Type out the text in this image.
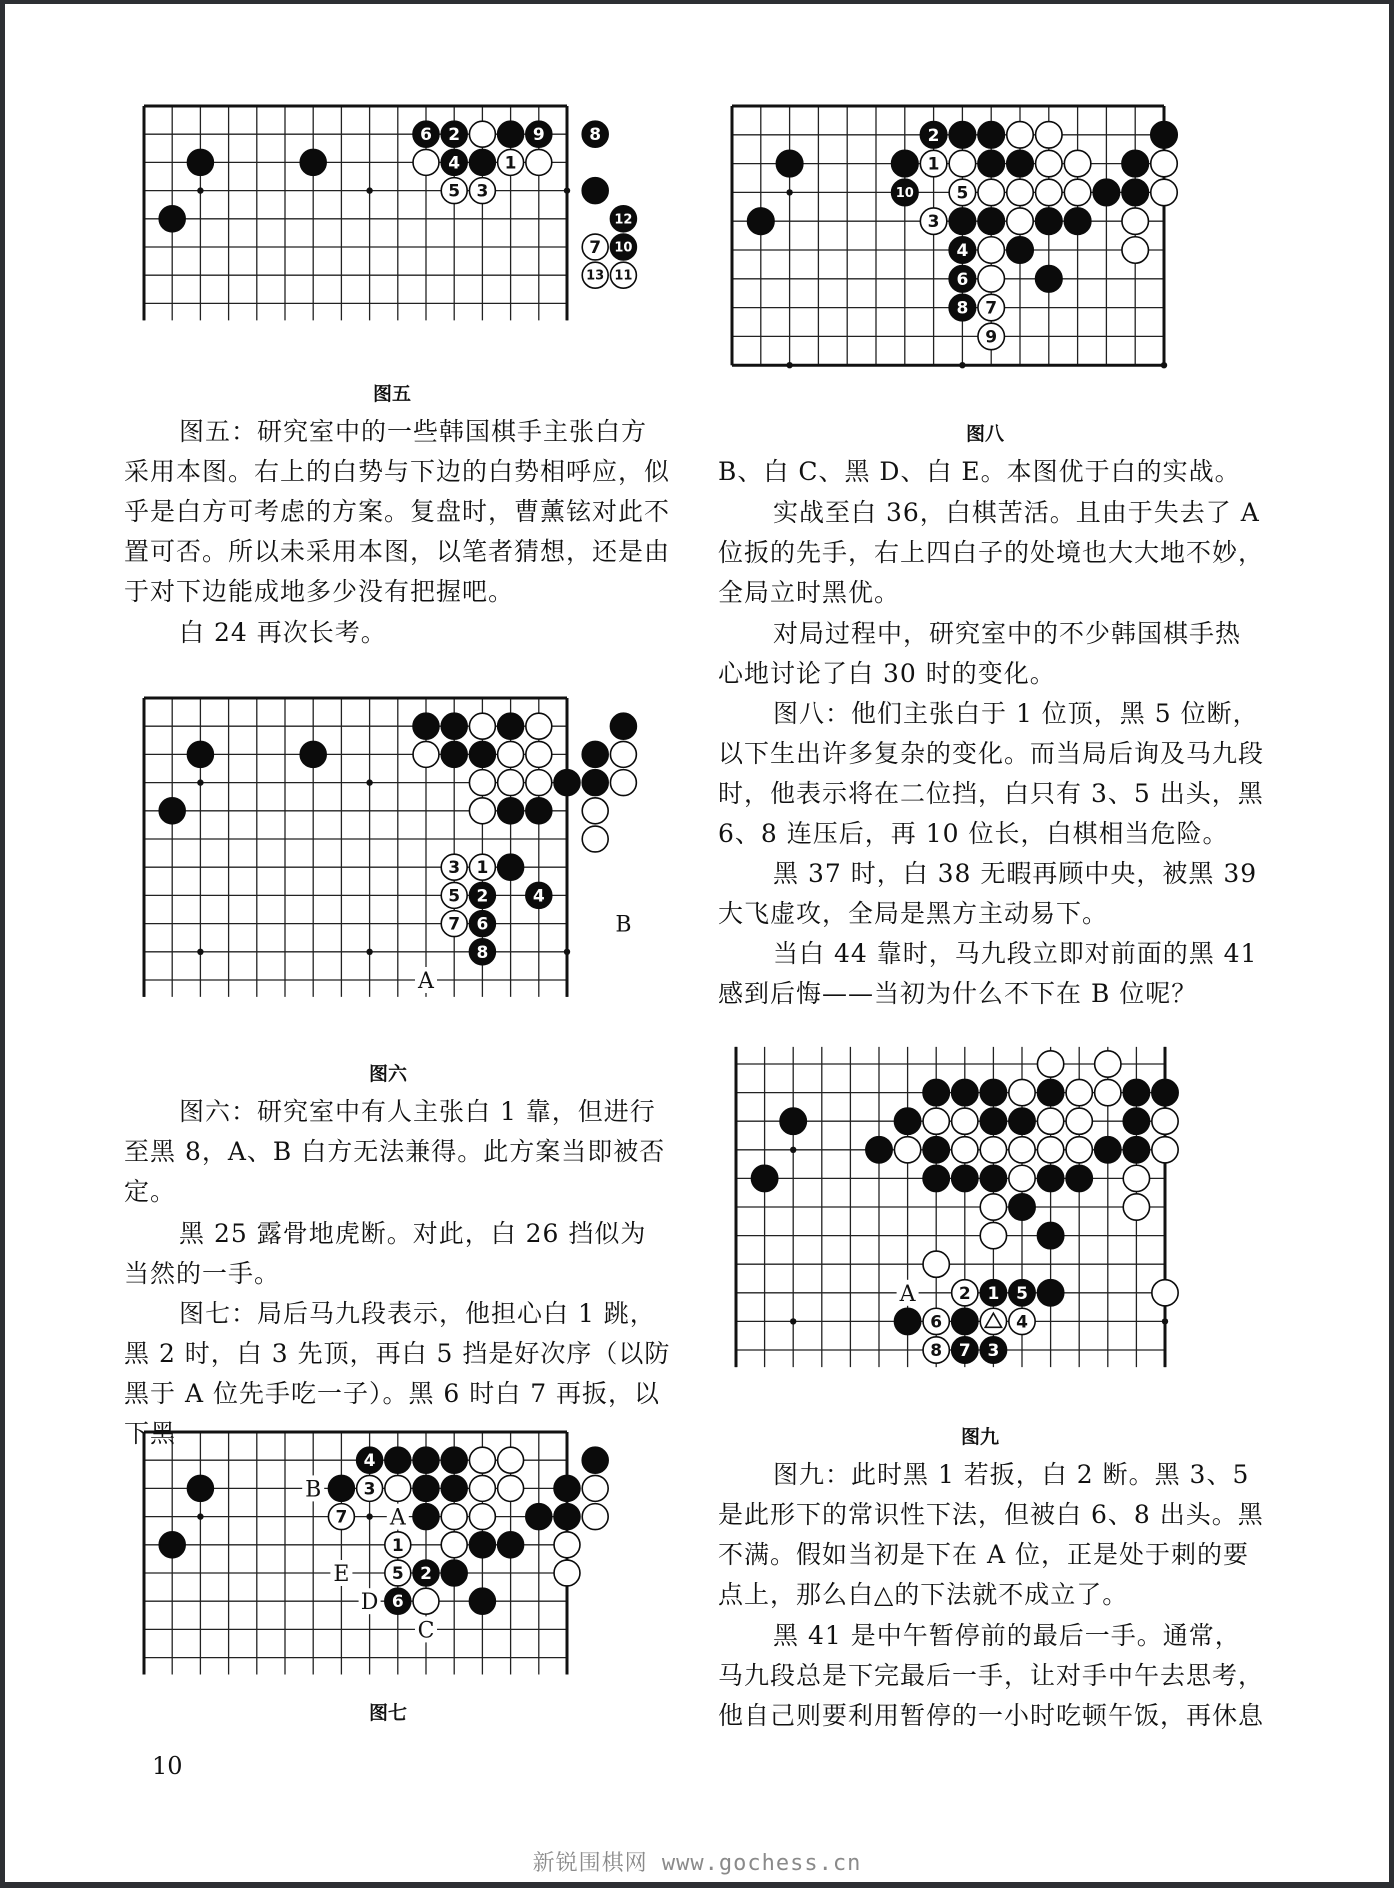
6 2	9	8
4	1
5 3
12
7 10
13 11
B
A
3 1
5 2	4
7 6
8
B
A
E
D
C
4
3
7
1
5 2
6
2
1
10	5
3
4
6
8 7
9
A	2 1 5
6	4
8 7 3
图五
图六
图七
图八
图九

图五：研究室中的一些韩国棋手主张白方采用本图。右上的白势与下边的白势相呼应，似乎是白方可考虑的方案。复盘时，曹薰铉对此不置可否。所以未采用本图，以笔者猜想，还是由于对下边能成地多少没有把握吧。

白 24 再次长考。

图六：研究室中有人主张白 1 靠，但进行至黑 8，A、B 白方无法兼得。此方案当即被否定。

黑 25 露骨地虎断。对此，白 26 挡似为当然的一手。

图七：局后马九段表示，他担心白 1 跳，黑 2 时，白 3 先顶，再白 5 挡是好次序（以防黑于 A 位先手吃一子）。黑 6 时白 7 再扳，以下黑

B、白 C、黑 D、白 E。本图优于白的实战。

实战至白 36，白棋苦活。且由于失去了 A 位扳的先手，右上四白子的处境也大大地不妙，全局立时黑优。

对局过程中，研究室中的不少韩国棋手热心地讨论了白 30 时的变化。

图八：他们主张白于 1 位顶，黑 5 位断，以下生出许多复杂的变化。而当局后询及马九段时，他表示将在二位挡，白只有 3、5 出头，黑 6、8 连压后，再 10 位长，白棋相当危险。

黑 37 时，白 38 无暇再顾中央，被黑 39 大飞虚攻，全局是黑方主动易下。

当白 44 靠时，马九段立即对前面的黑 41 感到后悔——当初为什么不下在 B 位呢？

图九：此时黑 1 若扳，白 2 断。黑 3、5 是此形下的常识性下法，但被白 6、8 出头。黑不满。假如当初是下在 A 位，正是处于刺的要点上，那么白△的下法就不成立了。

黑 41 是中午暂停前的最后一手。通常，马九段总是下完最后一手，让对手中午去思考，他自己则要利用暂停的一小时吃顿午饭，再休息

10
新锐围棋网 www.gochess.cn
